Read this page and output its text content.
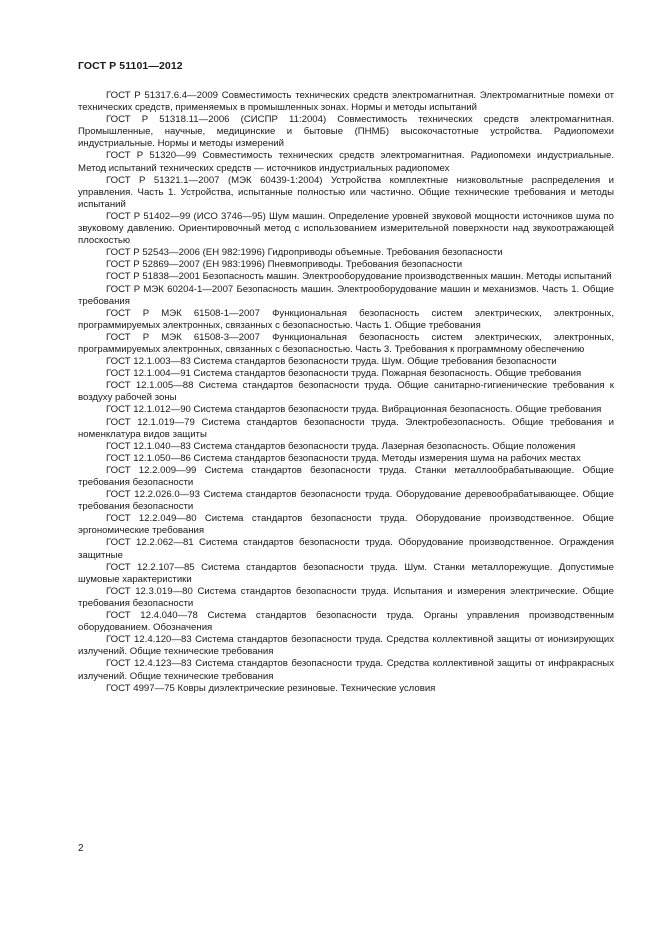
ГОСТ Р 51101—2012
ГОСТ Р 51317.6.4—2009 Совместимость технических средств электромагнитная. Электромагнитные помехи от технических средств, применяемых в промышленных зонах. Нормы и методы испытаний
ГОСТ Р 51318.11—2006 (СИСПР 11:2004) Совместимость технических средств электромагнитная. Промышленные, научные, медицинские и бытовые (ПНМБ) высокочастотные устройства. Радиопомехи индустриальные. Нормы и методы измерений
ГОСТ Р 51320—99 Совместимость технических средств электромагнитная. Радиопомехи индустриальные. Метод испытаний технических средств — источников индустриальных радиопомех
ГОСТ Р 51321.1—2007 (МЭК 60439-1:2004) Устройства комплектные низковольтные распределения и управления. Часть 1. Устройства, испытанные полностью или частично. Общие технические требования и методы испытаний
ГОСТ Р 51402—99 (ИСО 3746—95) Шум машин. Определение уровней звуковой мощности источников шума по звуковому давлению. Ориентировочный метод с использованием измерительной поверхности над звукоотражающей плоскостью
ГОСТ Р 52543—2006 (ЕН 982:1996) Гидроприводы объемные. Требования безопасности
ГОСТ Р 52869—2007 (ЕН 983:1996) Пневмоприводы. Требования безопасности
ГОСТ Р 51838—2001 Безопасность машин. Электрооборудование производственных машин. Методы испытаний
ГОСТ Р МЭК 60204-1—2007 Безопасность машин. Электрооборудование машин и механизмов. Часть 1. Общие требования
ГОСТ Р МЭК 61508-1—2007 Функциональная безопасность систем электрических, электронных, программируемых электронных, связанных с безопасностью. Часть 1. Общие требования
ГОСТ Р МЭК 61508-3—2007 Функциональная безопасность систем электрических, электронных, программируемых электронных, связанных с безопасностью. Часть 3. Требования к программному обеспечению
ГОСТ 12.1.003—83 Система стандартов безопасности труда. Шум. Общие требования безопасности
ГОСТ 12.1.004—91 Система стандартов безопасности труда. Пожарная безопасность. Общие требования
ГОСТ 12.1.005—88 Система стандартов безопасности труда. Общие санитарно-гигиенические требования к воздуху рабочей зоны
ГОСТ 12.1.012—90 Система стандартов безопасности труда. Вибрационная безопасность. Общие требования
ГОСТ 12.1.019—79 Система стандартов безопасности труда. Электробезопасность. Общие требования и номенклатура видов защиты
ГОСТ 12.1.040—83 Система стандартов безопасности труда. Лазерная безопасность. Общие положения
ГОСТ 12.1.050—86 Система стандартов безопасности труда. Методы измерения шума на рабочих местах
ГОСТ 12.2.009—99 Система стандартов безопасности труда. Станки металлообрабатывающие. Общие требования безопасности
ГОСТ 12.2.026.0—93 Система стандартов безопасности труда. Оборудование деревообрабатывающее. Общие требования безопасности
ГОСТ 12.2.049—80 Система стандартов безопасности труда. Оборудование производственное. Общие эргономические требования
ГОСТ 12.2.062—81 Система стандартов безопасности труда. Оборудование производственное. Ограждения защитные
ГОСТ 12.2.107—85 Система стандартов безопасности труда. Шум. Станки металлорежущие. Допустимые шумовые характеристики
ГОСТ 12.3.019—80 Система стандартов безопасности труда. Испытания и измерения электрические. Общие требования безопасности
ГОСТ 12.4.040—78 Система стандартов безопасности труда. Органы управления производственным оборудованием. Обозначения
ГОСТ 12.4.120—83 Система стандартов безопасности труда. Средства коллективной защиты от ионизирующих излучений. Общие технические требования
ГОСТ 12.4.123—83 Система стандартов безопасности труда. Средства коллективной защиты от инфракрасных излучений. Общие технические требования
ГОСТ 4997—75 Ковры диэлектрические резиновые. Технические условия
2
